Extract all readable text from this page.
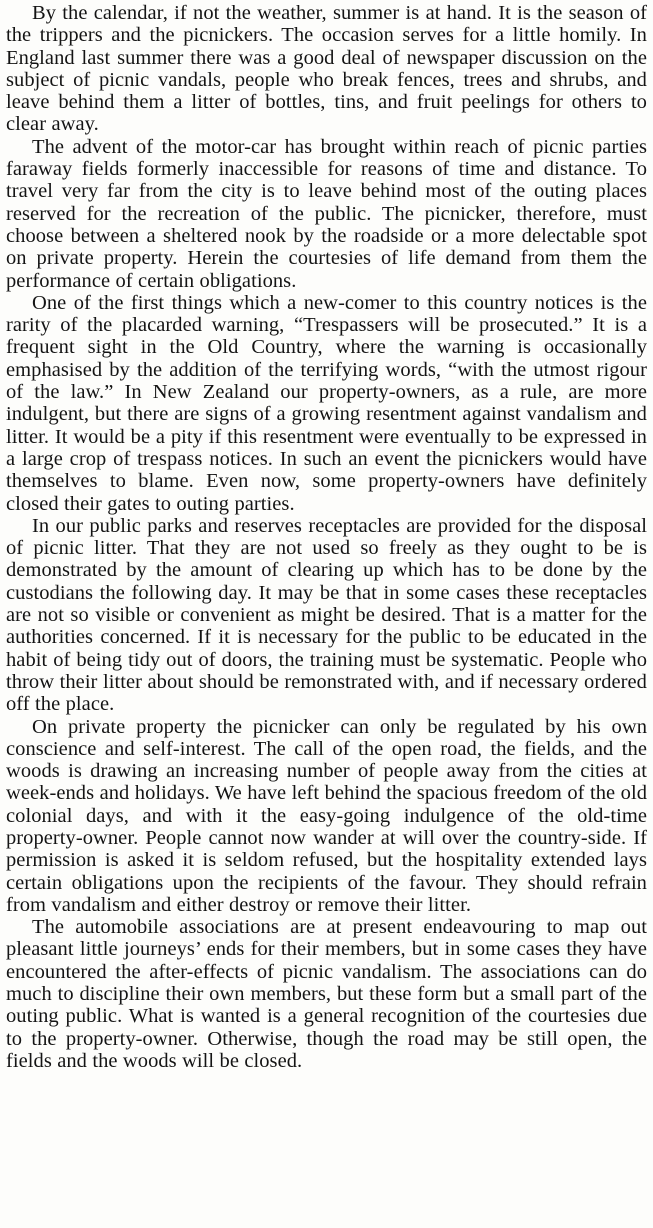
By the calendar, if not the weather, summer is at hand. It is the season of the trippers and the picnickers. The occasion serves for a little homily. In England last summer there was a good deal of newspaper discussion on the subject of picnic vandals, people who break fences, trees and shrubs, and leave behind them a litter of bottles, tins, and fruit peelings for others to clear away.

The advent of the motor-car has brought within reach of picnic parties faraway fields formerly inaccessible for reasons of time and distance. To travel very far from the city is to leave behind most of the outing places reserved for the recreation of the public. The picnicker, therefore, must choose between a sheltered nook by the roadside or a more delectable spot on private property. Herein the courtesies of life demand from them the performance of certain obligations.

One of the first things which a new-comer to this country notices is the rarity of the placarded warning, “Trespassers will be prosecuted.” It is a frequent sight in the Old Country, where the warning is occasionally emphasised by the addition of the terrifying words, “with the utmost rigour of the law.” In New Zealand our property-owners, as a rule, are more indulgent, but there are signs of a growing resentment against vandalism and litter. It would be a pity if this resentment were eventually to be expressed in a large crop of trespass notices. In such an event the picnickers would have themselves to blame. Even now, some property-owners have definitely closed their gates to outing parties.

In our public parks and reserves receptacles are provided for the disposal of picnic litter. That they are not used so freely as they ought to be is demonstrated by the amount of clearing up which has to be done by the custodians the following day. It may be that in some cases these receptacles are not so visible or convenient as might be desired. That is a matter for the authorities concerned. If it is necessary for the public to be educated in the habit of being tidy out of doors, the training must be systematic. People who throw their litter about should be remonstrated with, and if necessary ordered off the place.

On private property the picnicker can only be regulated by his own conscience and self-interest. The call of the open road, the fields, and the woods is drawing an increasing number of people away from the cities at week-ends and holidays. We have left behind the spacious freedom of the old colonial days, and with it the easy-going indulgence of the old-time property-owner. People cannot now wander at will over the country-side. If permission is asked it is seldom refused, but the hospitality extended lays certain obligations upon the recipients of the favour. They should refrain from vandalism and either destroy or remove their litter.

The automobile associations are at present endeavouring to map out pleasant little journeys’ ends for their members, but in some cases they have encountered the after-effects of picnic vandalism. The associations can do much to discipline their own members, but these form but a small part of the outing public. What is wanted is a general recognition of the courtesies due to the property-owner. Otherwise, though the road may be still open, the fields and the woods will be closed.
